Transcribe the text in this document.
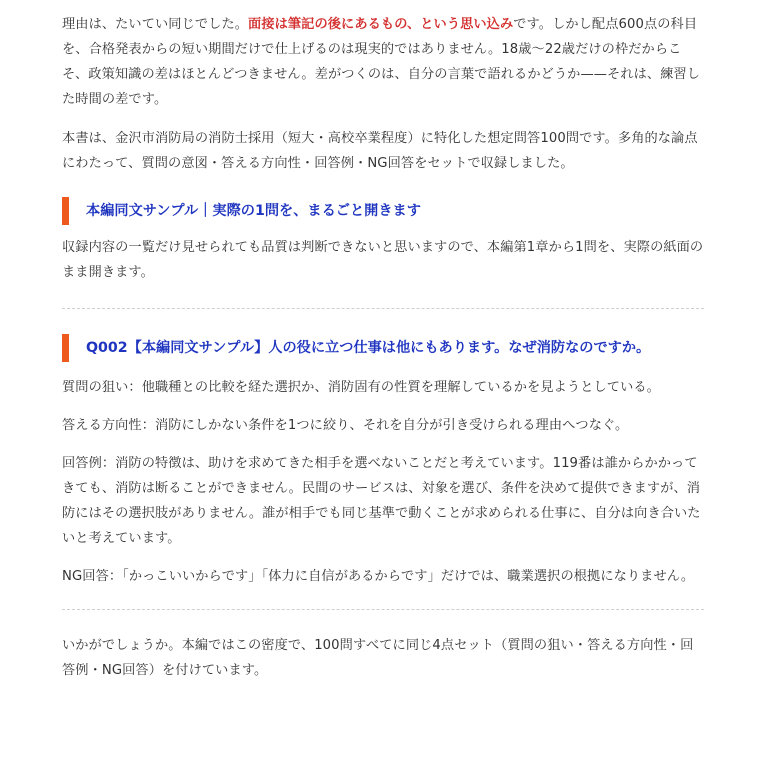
理由は、たいてい同じでした。面接は筆記の後にあるもの、という思い込みです。しかし配点600点の科目を、合格発表からの短い期間だけで仕上げるのは現実的ではありません。18歳〜22歳だけの枠だからこそ、政策知識の差はほとんどつきません。差がつくのは、自分の言葉で語れるかどうか——それは、練習した時間の差です。

本書は、金沢市消防局の消防士採用（短大・高校卒業程度）に特化した想定問答100問です。多角的な論点にわたって、質問の意図・答える方向性・回答例・NG回答をセットで収録しました。

本編同文サンプル｜実際の1問を、まるごと開きます

収録内容の一覧だけ見せられても品質は判断できないと思いますので、本編第1章から1問を、実際の紙面のまま開きます。

Q002【本編同文サンプル】人の役に立つ仕事は他にもあります。なぜ消防なのですか。

質問の狙い：他職種との比較を経た選択か、消防固有の性質を理解しているかを見ようとしている。

答える方向性：消防にしかない条件を1つに絞り、それを自分が引き受けられる理由へつなぐ。

回答例：消防の特徴は、助けを求めてきた相手を選べないことだと考えています。119番は誰からかかってきても、消防は断ることができません。民間のサービスは、対象を選び、条件を決めて提供できますが、消防にはその選択肢がありません。誰が相手でも同じ基準で動くことが求められる仕事に、自分は向き合いたいと考えています。

NG回答：「かっこいいからです」「体力に自信があるからです」だけでは、職業選択の根拠になりません。

いかがでしょうか。本編ではこの密度で、100問すべてに同じ4点セット（質問の狙い・答える方向性・回答例・NG回答）を付けています。
